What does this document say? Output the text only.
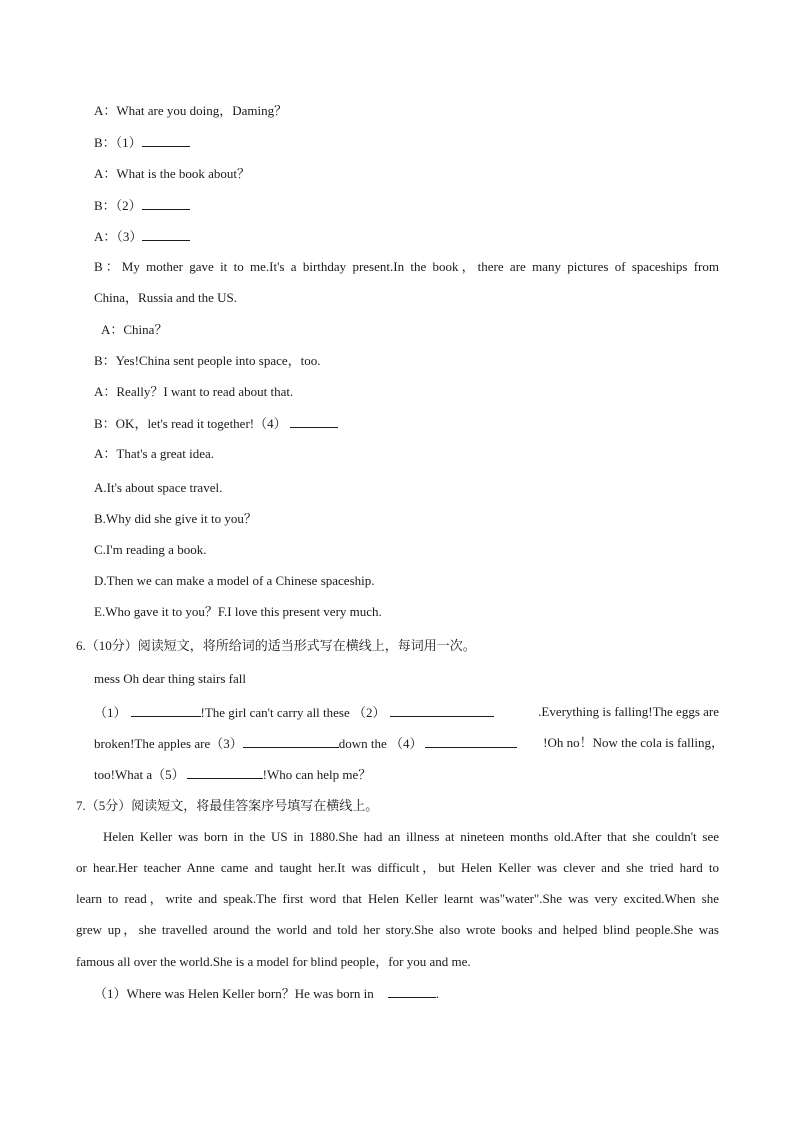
A：What are you doing，Daming？
B：（1）
A：What is the book about？
B：（2）
A：（3）
B：My mother gave it to me.It's a birthday present.In the book，there are many pictures of spaceships from
China，Russia and the US.
A：China？
B：Yes!China sent people into space，too.
A：Really？I want to read about that.
B：OK，let's read it together!（4）
A：That's a great idea.
A.It's about space travel.
B.Why did she give it to you？
C.I'm reading a book.
D.Then we can make a model of a Chinese spaceship.
E.Who gave it to you？F.I love this present very much.
6.（10分）阅读短文，将所给词的适当形式写在横线上，每词用一次。
mess Oh dear thing stairs fall
（1）	!The girl can't carry all these （2）	.Everything is falling!The eggs are
broken!The apples are（3）	down the （4）	!Oh no！Now the cola is falling，
too!What a（5）	!Who can help me？
7.（5分）阅读短文，将最佳答案序号填写在横线上。
Helen Keller was born in the US in 1880.She had an illness at nineteen months old.After that she couldn't see
or hear.Her teacher Anne came and taught her.It was difficult，but Helen Keller was clever and she tried hard to
learn to read，write and speak.The first word that Helen Keller learnt was"water".She was very excited.When she
grew up，she travelled around the world and told her story.She also wrote books and helped blind people.She was
famous all over the world.She is a model for blind people，for you and me.
（1）Where was Helen Keller born？He was born in	.
